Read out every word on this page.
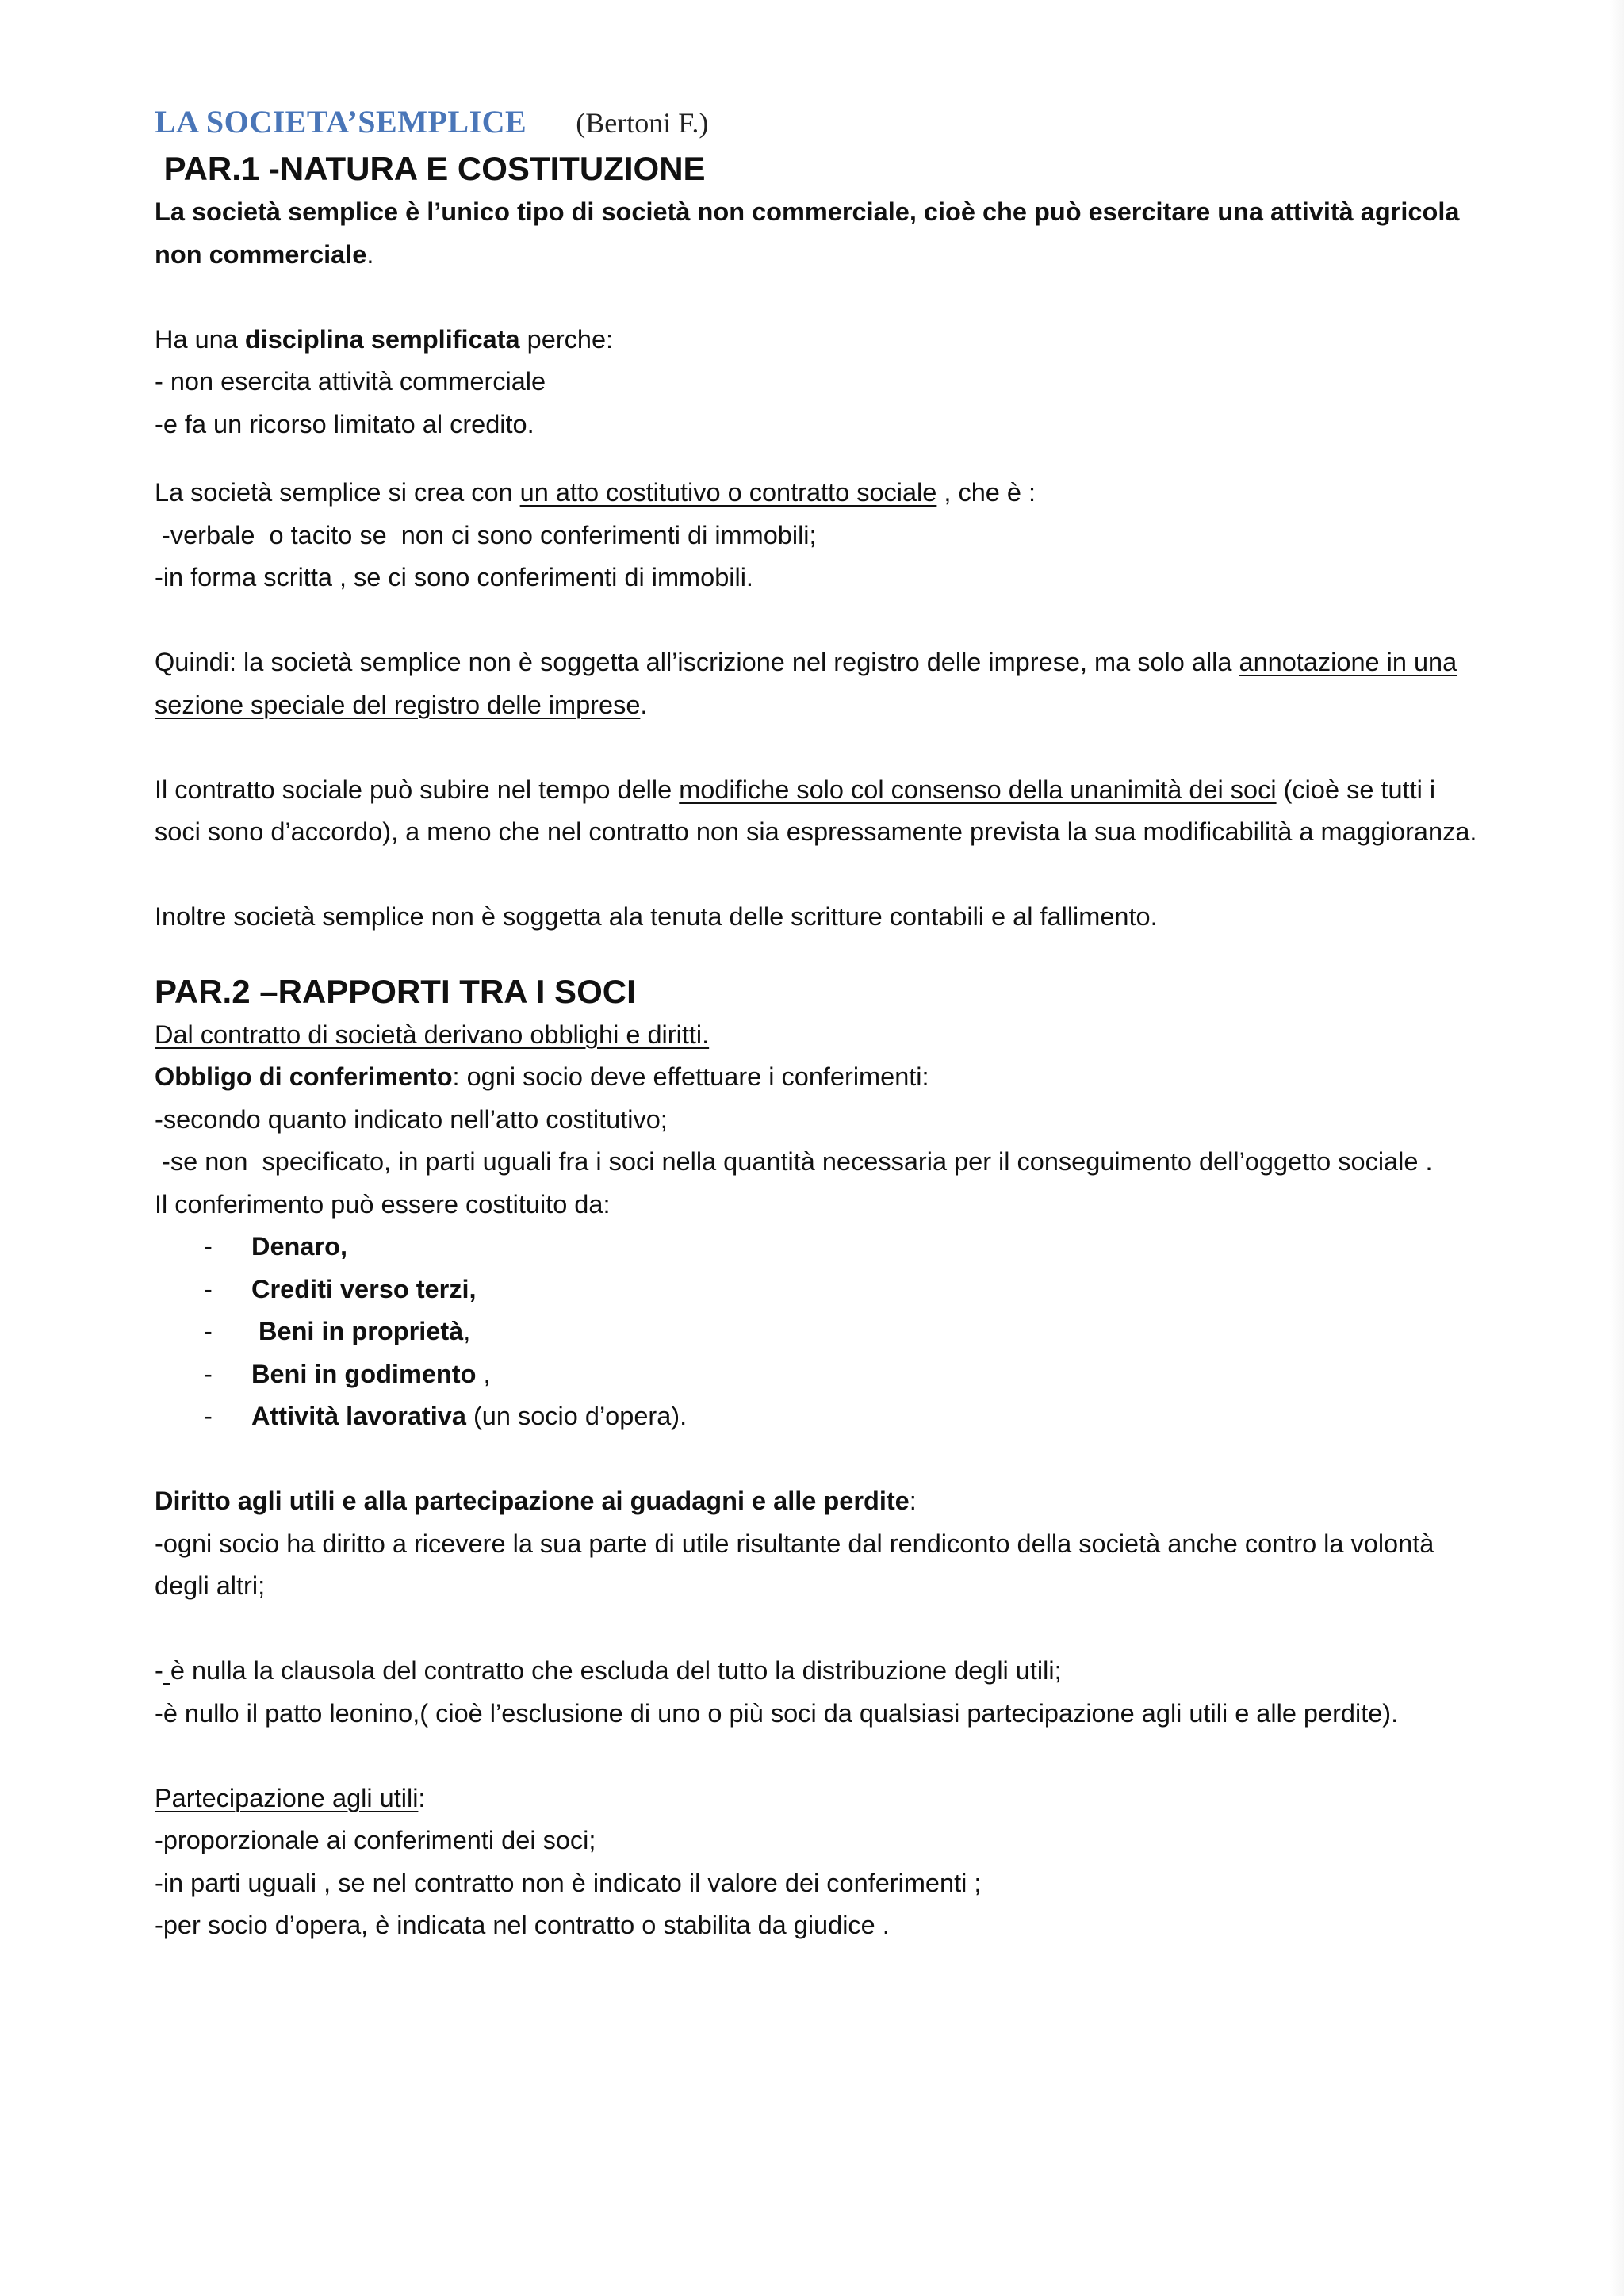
LA SOCIETA’SEMPLICE (Bertoni F.)
PAR.1 -NATURA E COSTITUZIONE

La società semplice è l’unico tipo di società non commerciale, cioè che può esercitare una attività agricola non commerciale.

Ha una disciplina semplificata perche:

- non esercita attività commerciale

-e fa un ricorso limitato al credito.

La società semplice si crea con un atto costitutivo o contratto sociale , che è :

-verbale  o tacito se  non ci sono conferimenti di immobili;

-in forma scritta , se ci sono conferimenti di immobili.

Quindi: la società semplice non è soggetta all’iscrizione nel registro delle imprese, ma solo alla annotazione in una sezione speciale del registro delle imprese.

Il contratto sociale può subire nel tempo delle modifiche solo col consenso della unanimità dei soci (cioè se tutti i soci sono d’accordo), a meno che nel contratto non sia espressamente prevista la sua modificabilità a maggioranza.

Inoltre società semplice non è soggetta ala tenuta delle scritture contabili e al fallimento.

PAR.2 –RAPPORTI TRA I SOCI

Dal contratto di società derivano obblighi e diritti.

Obbligo di conferimento: ogni socio deve effettuare i conferimenti:

-secondo quanto indicato nell’atto costitutivo;

-se non  specificato, in parti uguali fra i soci nella quantità necessaria per il conseguimento dell’oggetto sociale .

Il conferimento può essere costituito da:

- Denaro,
- Crediti verso terzi,
-  Beni in proprietà,
- Beni in godimento ,
- Attività lavorativa (un socio d’opera).

Diritto agli utili e alla partecipazione ai guadagni e alle perdite:

-ogni socio ha diritto a ricevere la sua parte di utile risultante dal rendiconto della società anche contro la volontà degli altri;

- è nulla la clausola del contratto che escluda del tutto la distribuzione degli utili;

-è nullo il patto leonino,( cioè l’esclusione di uno o più soci da qualsiasi partecipazione agli utili e alle perdite).

Partecipazione agli utili:

-proporzionale ai conferimenti dei soci;

-in parti uguali , se nel contratto non è indicato il valore dei conferimenti ;

-per socio d’opera, è indicata nel contratto o stabilita da giudice .
